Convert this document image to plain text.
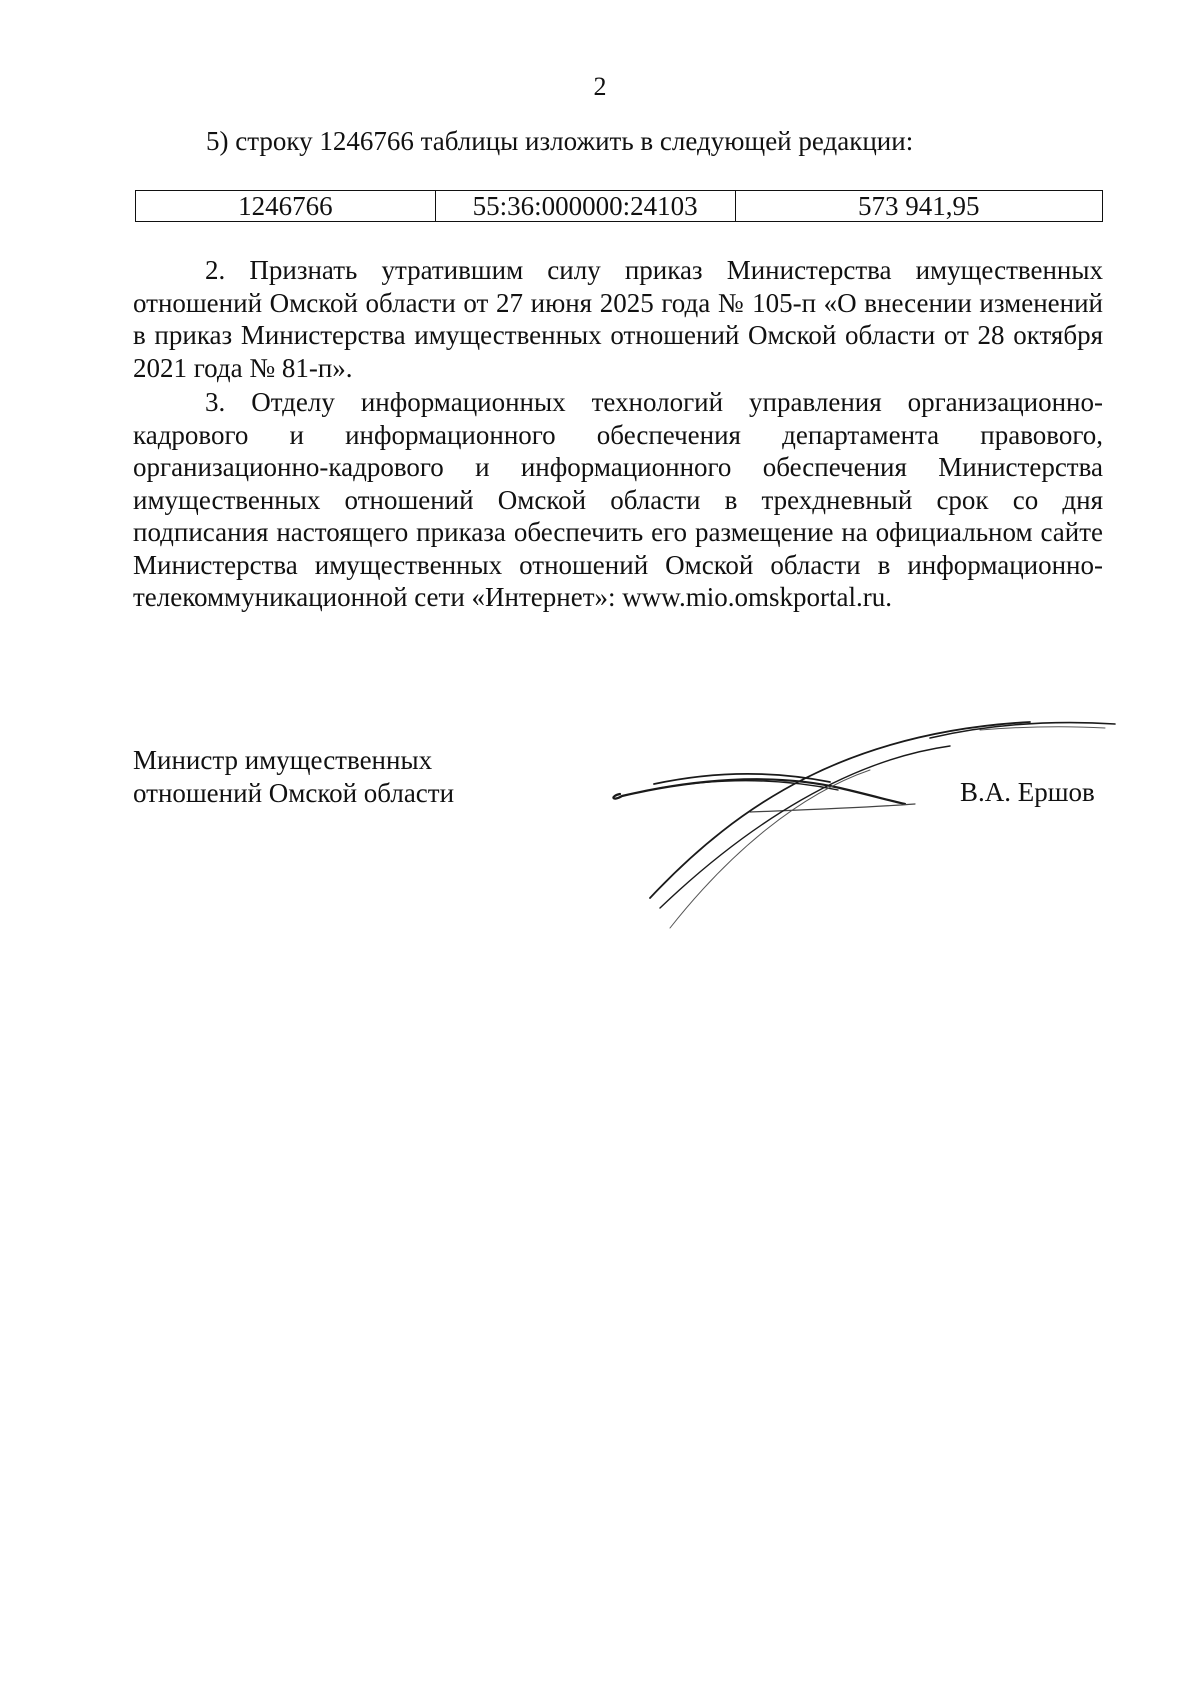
2
5) строку 1246766 таблицы изложить в следующей редакции:
1246766	55:36:000000:24103	573 941,95
2. Признать утратившим силу приказ Министерства имущественных отношений Омской области от 27 июня 2025 года № 105-п «О внесении изменений в приказ Министерства имущественных отношений Омской области от 28 октября 2021 года № 81-п».
3. Отделу информационных технологий управления организационно-кадрового и информационного обеспечения департамента правового, организационно-кадрового и информационного обеспечения Министерства имущественных отношений Омской области в трехдневный срок со дня подписания настоящего приказа обеспечить его размещение на официальном сайте Министерства имущественных отношений Омской области в информационно-телекоммуникационной сети «Интернет»: www.mio.omskportal.ru.
Министр имущественных
отношений Омской области	В.А. Ершов
